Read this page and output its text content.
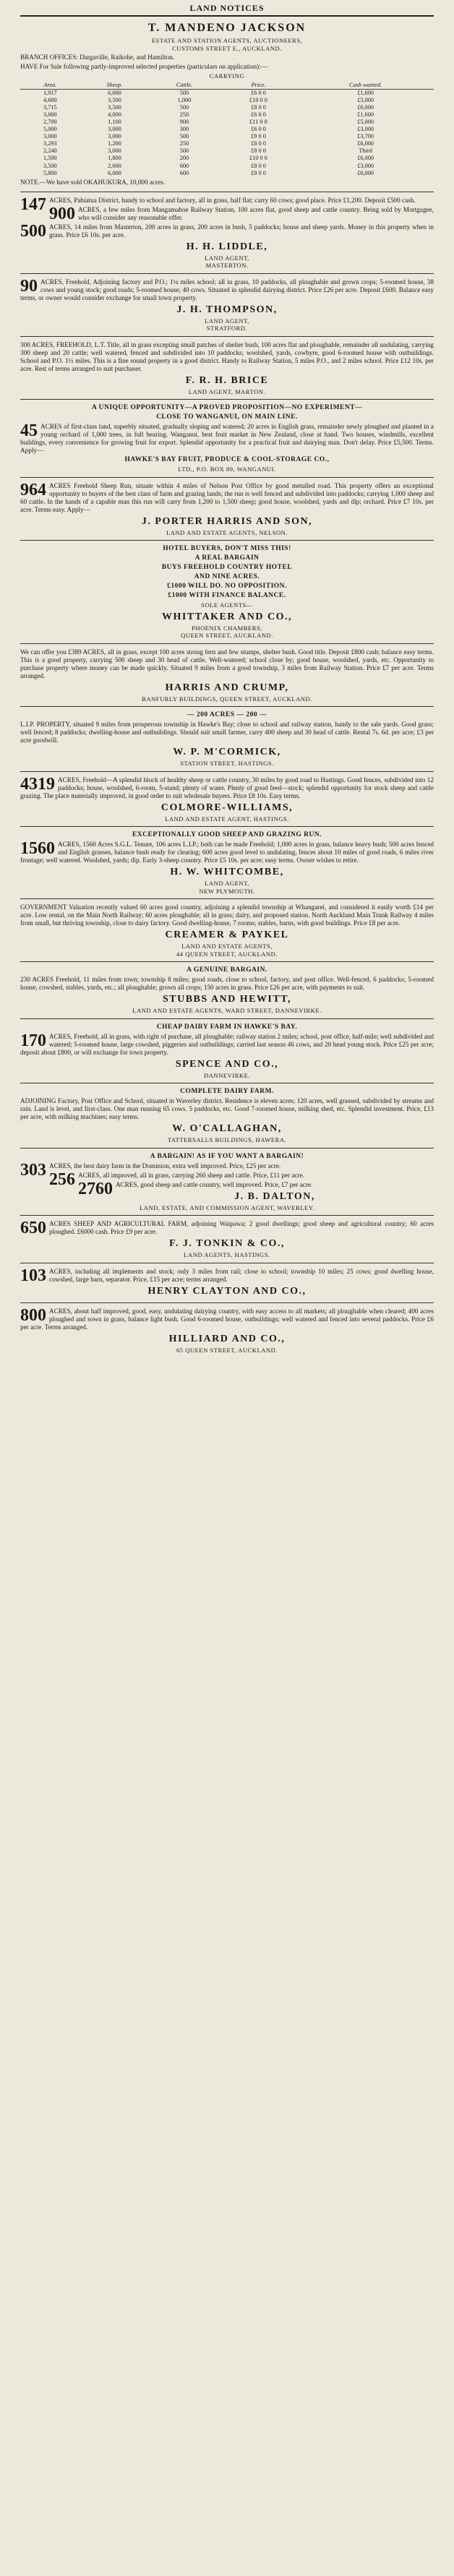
LAND NOTICES
T. MANDENO JACKSON
ESTATE AND STATION AGENTS, AUCTIONEERS,
CUSTOMS STREET E., AUCKLAND.
BRANCH OFFICES: Dargaville, Raikohe, and Hamilton.
HAVE For Sale following partly-improved selected properties (particulars on application):—
CARRYING
Area.	Sheep.	Cattle.	Price.	Cash wanted.
1,917	6,000	500	£6 0 0	£1,600
4,600	3,500	1,000	£10 0 0	£5,000
3,715	3,500	500	£8 0 0	£6,000
3,000	4,000	250	£6 0 0	£1,600
2,700	1,100	900	£11 0 0	£5,000
5,000	3,000	300	£6 0 0	£3,000
3,000	3,000	500	£9 0 0	£3,700
3,293	1,200	250	£8 0 0	£6,000
2,240	3,000	500	£8 0 0	Third
1,500	1,800	200	£10 0 0	£6,000
3,500	2,600	600	£8 0 0	£3,000
5,800	6,000	600	£9 0 0	£6,000
NOTE.—We have sold OKAHUKURA, 10,000 acres.
147 ACRES, Pahiatua District, handy to school and factory, all in grass, half flat; carry 60 cows; good place. Price £1,200. Deposit £500 cash.
900 ACRES, a few miles from Mangamahoe Railway Station, 100 acres flat, good sheep and cattle country. Being sold by Mortgagee, who will consider any reasonable offer.
500 ACRES, 14 miles from Masterton, 200 acres in grass, 200 acres in bush, 5 paddocks; house and sheep yards. Money in this property when in grass. Price £6 10s. per acre.
H. H. LIDDLE,
LAND AGENT,
MASTERTON.
90 ACRES, Freehold, Adjoining factory and P.O.; 1¼ miles school; all in grass, 10 paddocks, all ploughable and grown crops; 5-roomed house, 38 cows and young stock; good roads; 5-roomed house; 40 cows. Situated in splendid dairying district. Price £26 per acre. Deposit £600. Balance easy terms, or owner would consider exchange for small town property.
J. H. THOMPSON,
LAND AGENT,
STRATFORD.
300 ACRES, FREEHOLD, L.T. Title, all in grass excepting small patches of shelter bush, 100 acres flat and ploughable, remainder all undulating, carrying 300 sheep and 20 cattle; well watered, fenced and subdivided into 10 paddocks; woolshed, yards, cowbyre, good 6-roomed house with outbuildings. School and P.O. 1½ miles. This is a fine sound property in a good district. Handy to Railway Station, 5 miles P.O., and 2 miles school. Price £12 10s. per acre. Rest of terms arranged to suit purchaser.
F. R. H. BRICE
LAND AGENT, MARTON.
A UNIQUE OPPORTUNITY—A PROVED PROPOSITION—NO EXPERIMENT—
CLOSE TO WANGANUI, ON MAIN LINE.
45 ACRES of first-class land, superbly situated, gradually sloping and watered; 20 acres in English grass, remainder newly ploughed and planted in a young orchard of 1,000 trees, in full bearing. Wanganui, best fruit market in New Zealand, close at hand. Two houses, windmills, excellent buildings, every convenience for growing fruit for export. Splendid opportunity for a practical fruit and dairying man. Don't delay. Price £5,500. Terms. Apply—
HAWKE'S BAY FRUIT, PRODUCE & COOL-STORAGE CO.,
LTD., P.O. BOX 89, WANGANUI.
964 ACRES Freehold Sheep Run, situate within 4 miles of Nelson Post Office by good metalled road. This property offers an exceptional opportunity to buyers of the best class of farm and grazing lands; the run is well fenced and subdivided into paddocks; carrying 1,000 sheep and 60 cattle. In the hands of a capable man this run will carry from 1,200 to 1,500 sheep; good house, woolshed, yards and dip; orchard. Price £7 10s. per acre. Terms easy. Apply—
J. PORTER HARRIS AND SON,
LAND AND ESTATE AGENTS, NELSON.
HOTEL BUYERS, DON'T MISS THIS!
A REAL BARGAIN
BUYS FREEHOLD COUNTRY HOTEL
AND NINE ACRES.
£1000 WILL DO. NO OPPOSITION.
£1000 WITH FINANCE BALANCE.
SOLE AGENTS—
WHITTAKER AND CO.,
PHOENIX CHAMBERS,
QUEEN STREET, AUCKLAND.
We can offer you £389 ACRES, all in grass, except 100 acres strong fern and few stumps, shelter bush. Good title. Deposit £800 cash; balance easy terms. This is a good property, carrying 500 sheep and 30 head of cattle. Well-watered; school close by; good house, woolshed, yards, etc. Opportunity to purchase property where money can be made quickly. Situated 9 miles from a good township, 3 miles from Railway Station. Price £7 per acre. Terms arranged.
HARRIS AND CRUMP,
BANFURLY BUILDINGS, QUEEN STREET, AUCKLAND.
— 200 ACRES — 200 —
L.I.P. PROPERTY, situated 9 miles from prosperous township in Hawke's Bay; close to school and railway station, handy to the sale yards. Good grass; well fenced; 8 paddocks; dwelling-house and outbuildings. Should suit small farmer, carry 400 sheep and 30 head of cattle. Rental 7s. 6d. per acre; £3 per acre goodwill.
W. P. M'CORMICK,
STATION STREET, HASTINGS.
4319 ACRES, Freehold—A splendid block of healthy sheep or cattle country, 30 miles by good road to Hastings. Good fences, subdivided into 12 paddocks; house, woolshed, 6-room, 5-stand; plenty of water. Plenty of good feed—stock; splendid opportunity for stock sheep and cattle grazing. The place materially improved, in good order to suit wholesale buyers. Price £8 10s. Easy terms.
COLMORE-WILLIAMS,
LAND AND ESTATE AGENT, HASTINGS.
EXCEPTIONALLY GOOD SHEEP AND GRAZING RUN.
1560 ACRES, 1560 Acres S.G.L. Tenure, 106 acres L.I.P.; both can be made Freehold; 1,000 acres in grass, balance heavy bush; 500 acres fenced and English grasses, balance bush ready for clearing; 600 acres good level to undulating, fences about 10 miles of good roads, 6 miles river frontage; well watered. Woolshed, yards; dip. Early 3-sheep country. Price £5 10s. per acre; easy terms. Owner wishes to retire.
H. W. WHITCOMBE,
LAND AGENT,
NEW PLYMOUTH.
GOVERNMENT Valuation recently valued 60 acres good country, adjoining a splendid township at Whangarei, and considered it easily worth £14 per acre. Low rental, on the Main North Railway; 60 acres ploughable; all in grass; dairy, and proposed station. North Auckland Main Trunk Railway 4 miles from small, but thriving township, close to dairy factory. Good dwelling-house, 7 rooms; stables, barns, with good buildings. Price £8 per acre.
CREAMER & PAYKEL
LAND AND ESTATE AGENTS,
44 QUEEN STREET, AUCKLAND.
A GENUINE BARGAIN.
230 ACRES Freehold, 11 miles from town; township 8 miles; good roads, close to school, factory, and post office. Well-fenced, 6 paddocks; 5-roomed house, cowshed, stables, yards, etc.; all ploughable; grown all crops; 150 acres in grass. Price £26 per acre, with payments to suit.
STUBBS AND HEWITT,
LAND AND ESTATE AGENTS, WARD STREET, DANNEVIRKE.
CHEAP DAIRY FARM IN HAWKE'S BAY.
170 ACRES, Freehold, all in grass, with right of purchase, all ploughable; railway station 2 miles; school, post office, half-mile; well subdivided and watered; 5-roomed house, large cowshed, piggeries and outbuildings; carried last season 46 cows, and 20 head young stock. Price £25 per acre; deposit about £800, or will exchange for town property.
SPENCE AND CO.,
DANNEVIRKE.
COMPLETE DAIRY FARM.
ADJOINING Factory, Post Office and School, situated in Waverley district. Residence is eleven acres; 120 acres, well grassed, subdivided by streams and rain. Land is level, and first-class. One man running 65 cows. 5 paddocks, etc. Good 7-roomed house, milking shed, etc. Splendid investment. Price, £13 per acre, with milking machines; easy terms.
W. O'CALLAGHAN,
TATTERSALLS BUILDINGS, HAWERA.
A BARGAIN! AS IF YOU WANT A BARGAIN!
303 ACRES, the best dairy farm in the Dominion, extra well improved. Price, £25 per acre.
256 ACRES, all improved, all in grass, carrying 260 sheep and cattle. Price, £11 per acre.
2760 ACRES, good sheep and cattle country, well improved. Price, £7 per acre.
J. B. DALTON,
LAND, ESTATE, AND COMMISSION AGENT, WAVERLEY.
650 ACRES SHEEP AND AGRICULTURAL FARM, adjoining Waipawa; 2 good dwellings; good sheep and agricultural country; 60 acres ploughed. £6000 cash. Price £9 per acre.
F. J. TONKIN & CO.,
LAND AGENTS, HASTINGS.
103 ACRES, including all implements and stock; only 3 miles from rail; close to school; township 10 miles; 25 cows; good dwelling house, cowshed, large barn, separator. Price, £15 per acre; terms arranged.
HENRY CLAYTON AND CO.,
800 ACRES, about half improved, good, easy, undulating dairying country, with easy access to all markets; all ploughable when cleared; 400 acres ploughed and sown in grass, balance light bush. Good 6-roomed house, outbuildings; well watered and fenced into several paddocks. Price £6 per acre. Terms arranged.
HILLIARD AND CO.,
65 QUEEN STREET, AUCKLAND.
